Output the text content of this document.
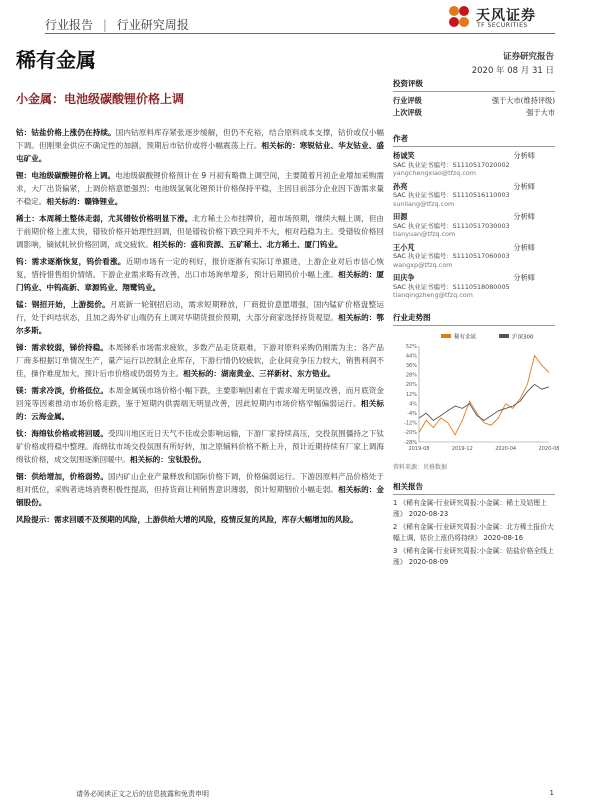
行业报告 | 行业研究周报
天风证券
TF SECURITIES
稀有金属	证券研究报告
2020 年 08 月 31 日
小金属：电池级碳酸锂价格上调

钴：钴盐价格上涨仍在持续。国内钴原料库存紧张逐步缓解，但仍不充裕，结合原料成本支撑，钴价或仅小幅下调。但刚果金供应不确定性的加剧，预期后市钴价或将小幅震荡上行。相关标的：寒锐钴业、华友钴业、盛屯矿业。

锂：电池级碳酸锂价格上调。电池级碳酸锂价格预计在 9 月初有略微上调空间，主要随着月初企业增加采购需求，大厂出货偏紧，上调价格意愿强烈；电池级氢氧化锂预计价格保持平稳，主因目前部分企业因下游需求量不稳定。相关标的：赣锋锂业。

稀土：本周稀土整体走弱，尤其镨钕价格明显下滑。北方稀土公布挂牌价，超市场预期，继续大幅上调，但由于前期价格上涨太快，镨钕价格开始理性回调，但是镨钕价格下跌空间并不大，相对趋稳为主。受镨钕价格回调影响，镝铽轧钬价格回调，成交疲软。相关标的：盛和资源、五矿稀土、北方稀土、厦门钨业。

钨：需求逐渐恢复，钨价看涨。近期市场有一定的利好，报价逐渐有实际订单跟进，上游企业对后市信心恢复，惜持惜售组价情绪。下游企业需求略有改善，出口市场询单增多，预计后期钨价小幅上涨。相关标的：厦门钨业、中钨高新、章源钨业、翔鹭钨业。

锰：钢招开始，上游挺价。月底新一轮钢招启动，需求短期释放，厂商挺价意愿增强，国内锰矿价格盘整运行，处于纠结状态，且加之海外矿山端仍有上调对华期货报价预期，大部分商家选择持货观望。相关标的：鄂尔多斯。

锑：需求较弱，锑价持稳。本周锑系市场需求疲软，多数产品走货艰难，下游对原料采购仍刚需为主；各产品厂商多根据订单情况生产，量产运行以控制企业库存，下游行情仍较疲软，企业间竞争压力较大，销售利润不佳，操作难度加大，预计后市价格或仍弱势为主。相关标的：湖南黄金、三祥新材、东方锆业。

镁：需求冷淡，价格低位。本周金属镁市场价格小幅下跌，主要影响因素在于需求端无明显改善，而月底资金回笼等因素推动市场价格走跌，鉴于短期内供需端无明显改善，因此短期内市场价格窄幅偏弱运行。相关标的：云海金属。

钛：海绵钛价格或将回暖。受四川地区近日天气不佳或会影响运输，下游厂家持续高压，交投氛围僵持之下钛矿价格或将稳中整理。海绵钛市场交投氛围有所好转，加之原辅料价格不断上升，预计近期持续有厂家上调海绵钛价格，成交氛围逐渐回暖中。相关标的：宝钛股份。

铟：供给增加，价格弱势。国内矿山企业产量释放和国际价格下调，价格偏弱运行。下游因原料产品价格处于相对低位，采购者进场消费积极性提高，但持货商让利销售意识薄弱，预计短期铟价小幅走弱。相关标的：金铟股份。

风险提示：需求回暖不及预期的风险，上游供给大增的风险，疫情反复的风险，库存大幅增加的风险。

投资评级
行业评级	强于大市(维持评级)
上次评级	强于大市
作者
杨诚笑	分析师
SAC 执业证书编号：S1110517020002
yangchengxiao@tfzq.com
孙亮	分析师
SAC 执业证书编号：S1110516110003
sunliang@tfzq.com
田源	分析师
SAC 执业证书编号：S1110517030003
tianyuan@tfzq.com
王小芃	分析师
SAC 执业证书编号：S1110517060003
wangxp@tfzq.com
田庆争	分析师
SAC 执业证书编号：S1110518080005
tianqingzheng@tfzq.com
行业走势图
-28%
-20%
-12%
-4%
4%
12%
20%
28%
36%
44%
52%
2019-08	2019-12	2020-04	2020-08
稀有金属	沪深300
资料来源：贝格数据
相关报告
1 《稀有金属-行业研究周报:小金属：稀土及钴锂上涨》 2020-08-23
2 《稀有金属-行业研究周报:小金属：北方稀土报价大幅上调，钴价上涨仍将持续》 2020-08-16
3 《稀有金属-行业研究周报:小金属：钴盐价格全线上涨》 2020-08-09
请务必阅读正文之后的信息披露和免责申明	1
